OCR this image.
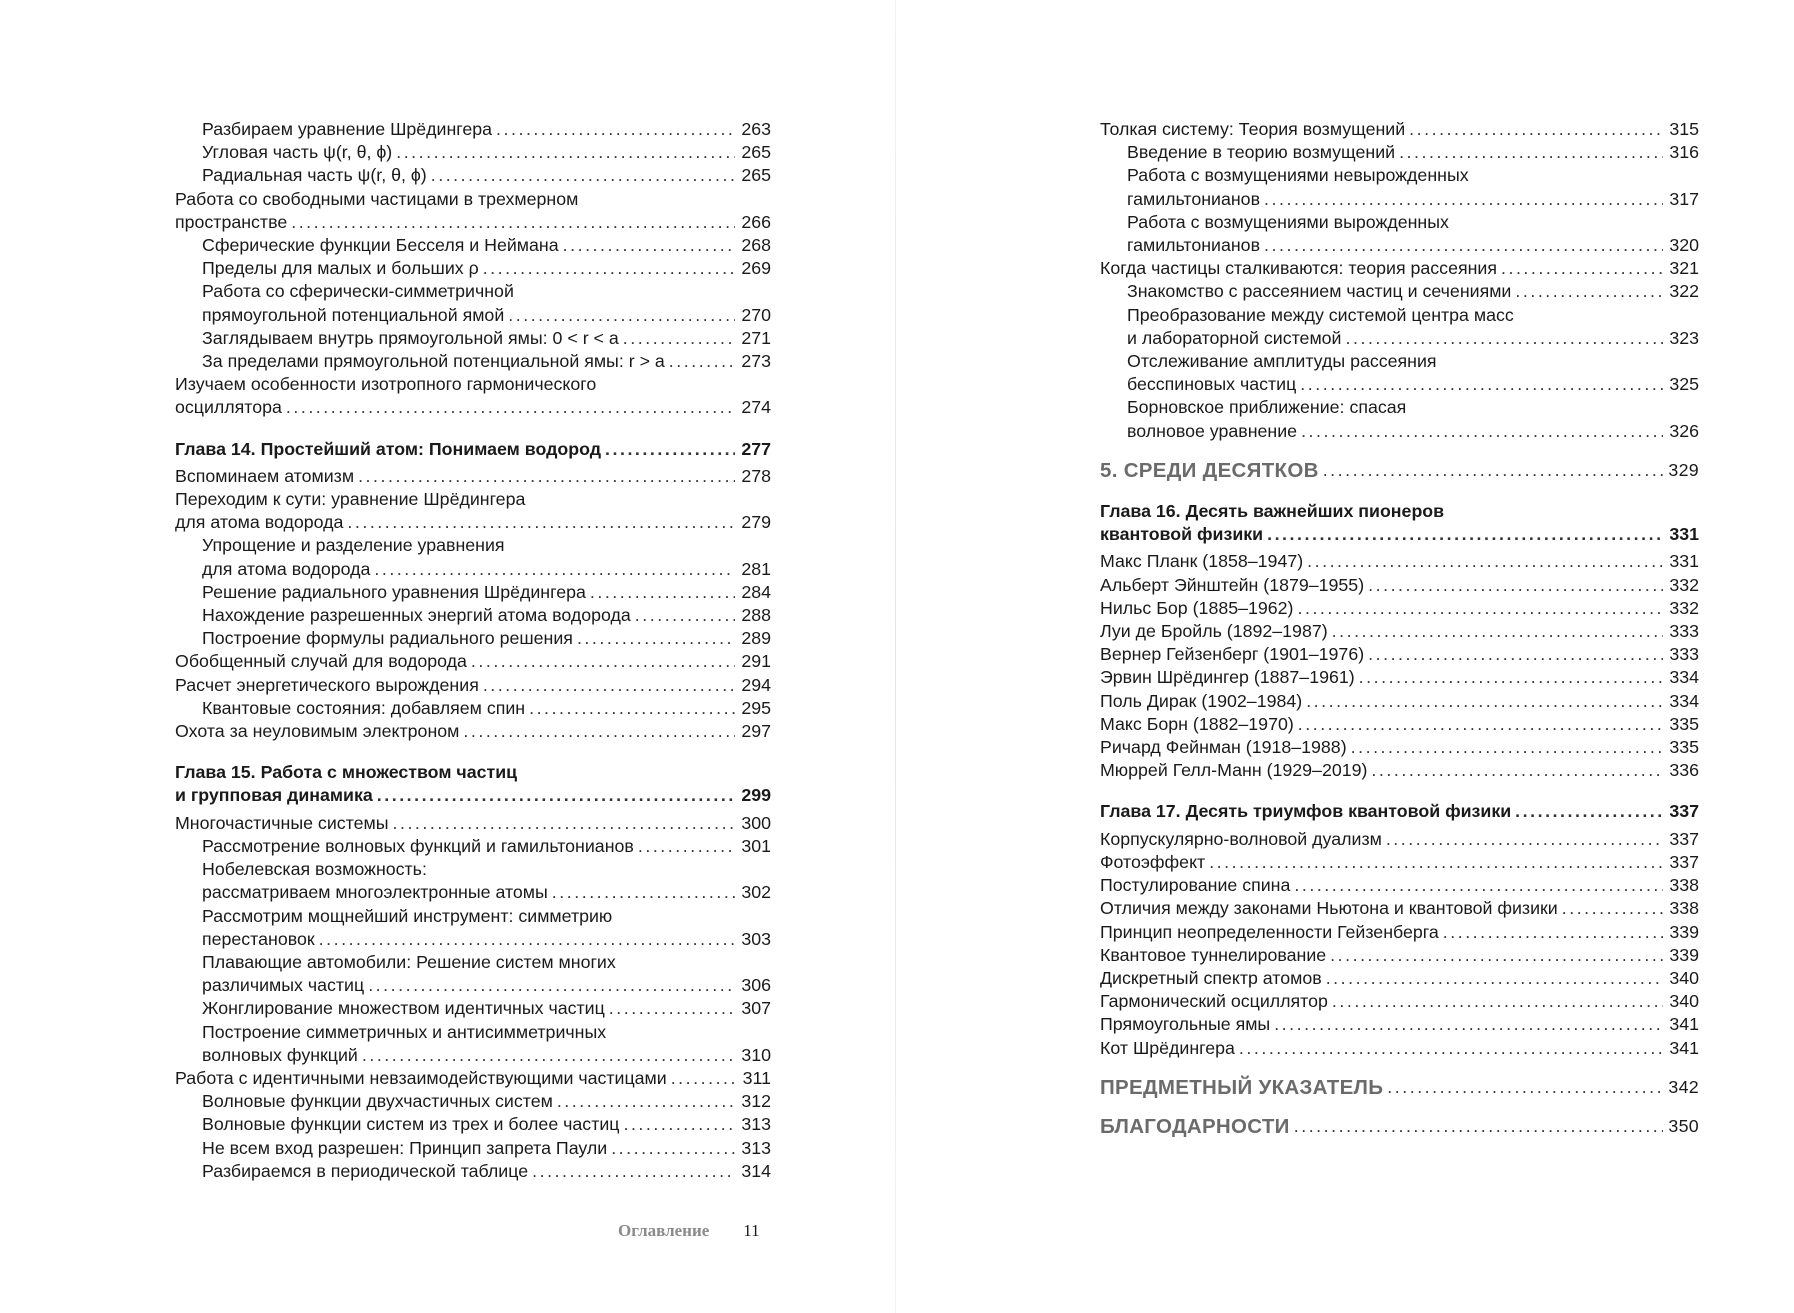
Разбираем уравнение Шрёдингера . . .	263
Угловая часть ψ(r, θ, ϕ) . . .	265
Радиальная часть ψ(r, θ, ϕ) . . .	265
Работа со свободными частицами в трехмерном
пространстве . . .	266
Сферические функции Бесселя и Неймана . . .	268
Пределы для малых и больших ρ . . .	269
Работа со сферически-симметричной
прямоугольной потенциальной ямой . . .	270
Заглядываем внутрь прямоугольной ямы: 0 < r < a . . .	271
За пределами прямоугольной потенциальной ямы: r > a . . .	273
Изучаем особенности изотропного гармонического
осциллятора . . .	274
Глава 14. Простейший атом: Понимаем водород . . .	277
Вспоминаем атомизм . . .	278
Переходим к сути: уравнение Шрёдингера
для атома водорода . . .	279
Упрощение и разделение уравнения
для атома водорода . . .	281
Решение радиального уравнения Шрёдингера . . .	284
Нахождение разрешенных энергий атома водорода . . .	288
Построение формулы радиального решения . . .	289
Обобщенный случай для водорода . . .	291
Расчет энергетического вырождения . . .	294
Квантовые состояния: добавляем спин . . .	295
Охота за неуловимым электроном . . .	297
Глава 15. Работа с множеством частиц
и групповая динамика . . .	299
Многочастичные системы . . .	300
Рассмотрение волновых функций и гамильтонианов . . .	301
Нобелевская возможность:
рассматриваем многоэлектронные атомы . . .	302
Рассмотрим мощнейший инструмент: симметрию
перестановок . . .	303
Плавающие автомобили: Решение систем многих
различимых частиц . . .	306
Жонглирование множеством идентичных частиц . . .	307
Построение симметричных и антисимметричных
волновых функций . . .	310
Работа с идентичными невзаимодействующими частицами . . .	311
Волновые функции двухчастичных систем . . .	312
Волновые функции систем из трех и более частиц . . .	313
Не всем вход разрешен: Принцип запрета Паули . . .	313
Разбираемся в периодической таблице . . .	314
Оглавление 11
Толкая систему: Теория возмущений . . .	315
Введение в теорию возмущений . . .	316
Работа с возмущениями невырожденных
гамильтонианов . . .	317
Работа с возмущениями вырожденных
гамильтонианов . . .	320
Когда частицы сталкиваются: теория рассеяния . . .	321
Знакомство с рассеянием частиц и сечениями . . .	322
Преобразование между системой центра масс
и лабораторной системой . . .	323
Отслеживание амплитуды рассеяния
бесспиновых частиц . . .	325
Борновское приближение: спасая
волновое уравнение . . .	326
5. СРЕДИ ДЕСЯТКОВ . . .	329
Глава 16. Десять важнейших пионеров
квантовой физики . . .	331
Макс Планк (1858–1947) . . .	331
Альберт Эйнштейн (1879–1955) . . .	332
Нильс Бор (1885–1962) . . .	332
Луи де Бройль (1892–1987) . . .	333
Вернер Гейзенберг (1901–1976) . . .	333
Эрвин Шрёдингер (1887–1961) . . .	334
Поль Дирак (1902–1984) . . .	334
Макс Борн (1882–1970) . . .	335
Ричард Фейнман (1918–1988) . . .	335
Мюррей Гелл-Манн (1929–2019) . . .	336
Глава 17. Десять триумфов квантовой физики . . .	337
Корпускулярно-волновой дуализм . . .	337
Фотоэффект . . .	337
Постулирование спина . . .	338
Отличия между законами Ньютона и квантовой физики . . .	338
Принцип неопределенности Гейзенберга . . .	339
Квантовое туннелирование . . .	339
Дискретный спектр атомов . . .	340
Гармонический осциллятор . . .	340
Прямоугольные ямы . . .	341
Кот Шрёдингера . . .	341
ПРЕДМЕТНЫЙ УКАЗАТЕЛЬ . . .	342
БЛАГОДАРНОСТИ . . .	350
